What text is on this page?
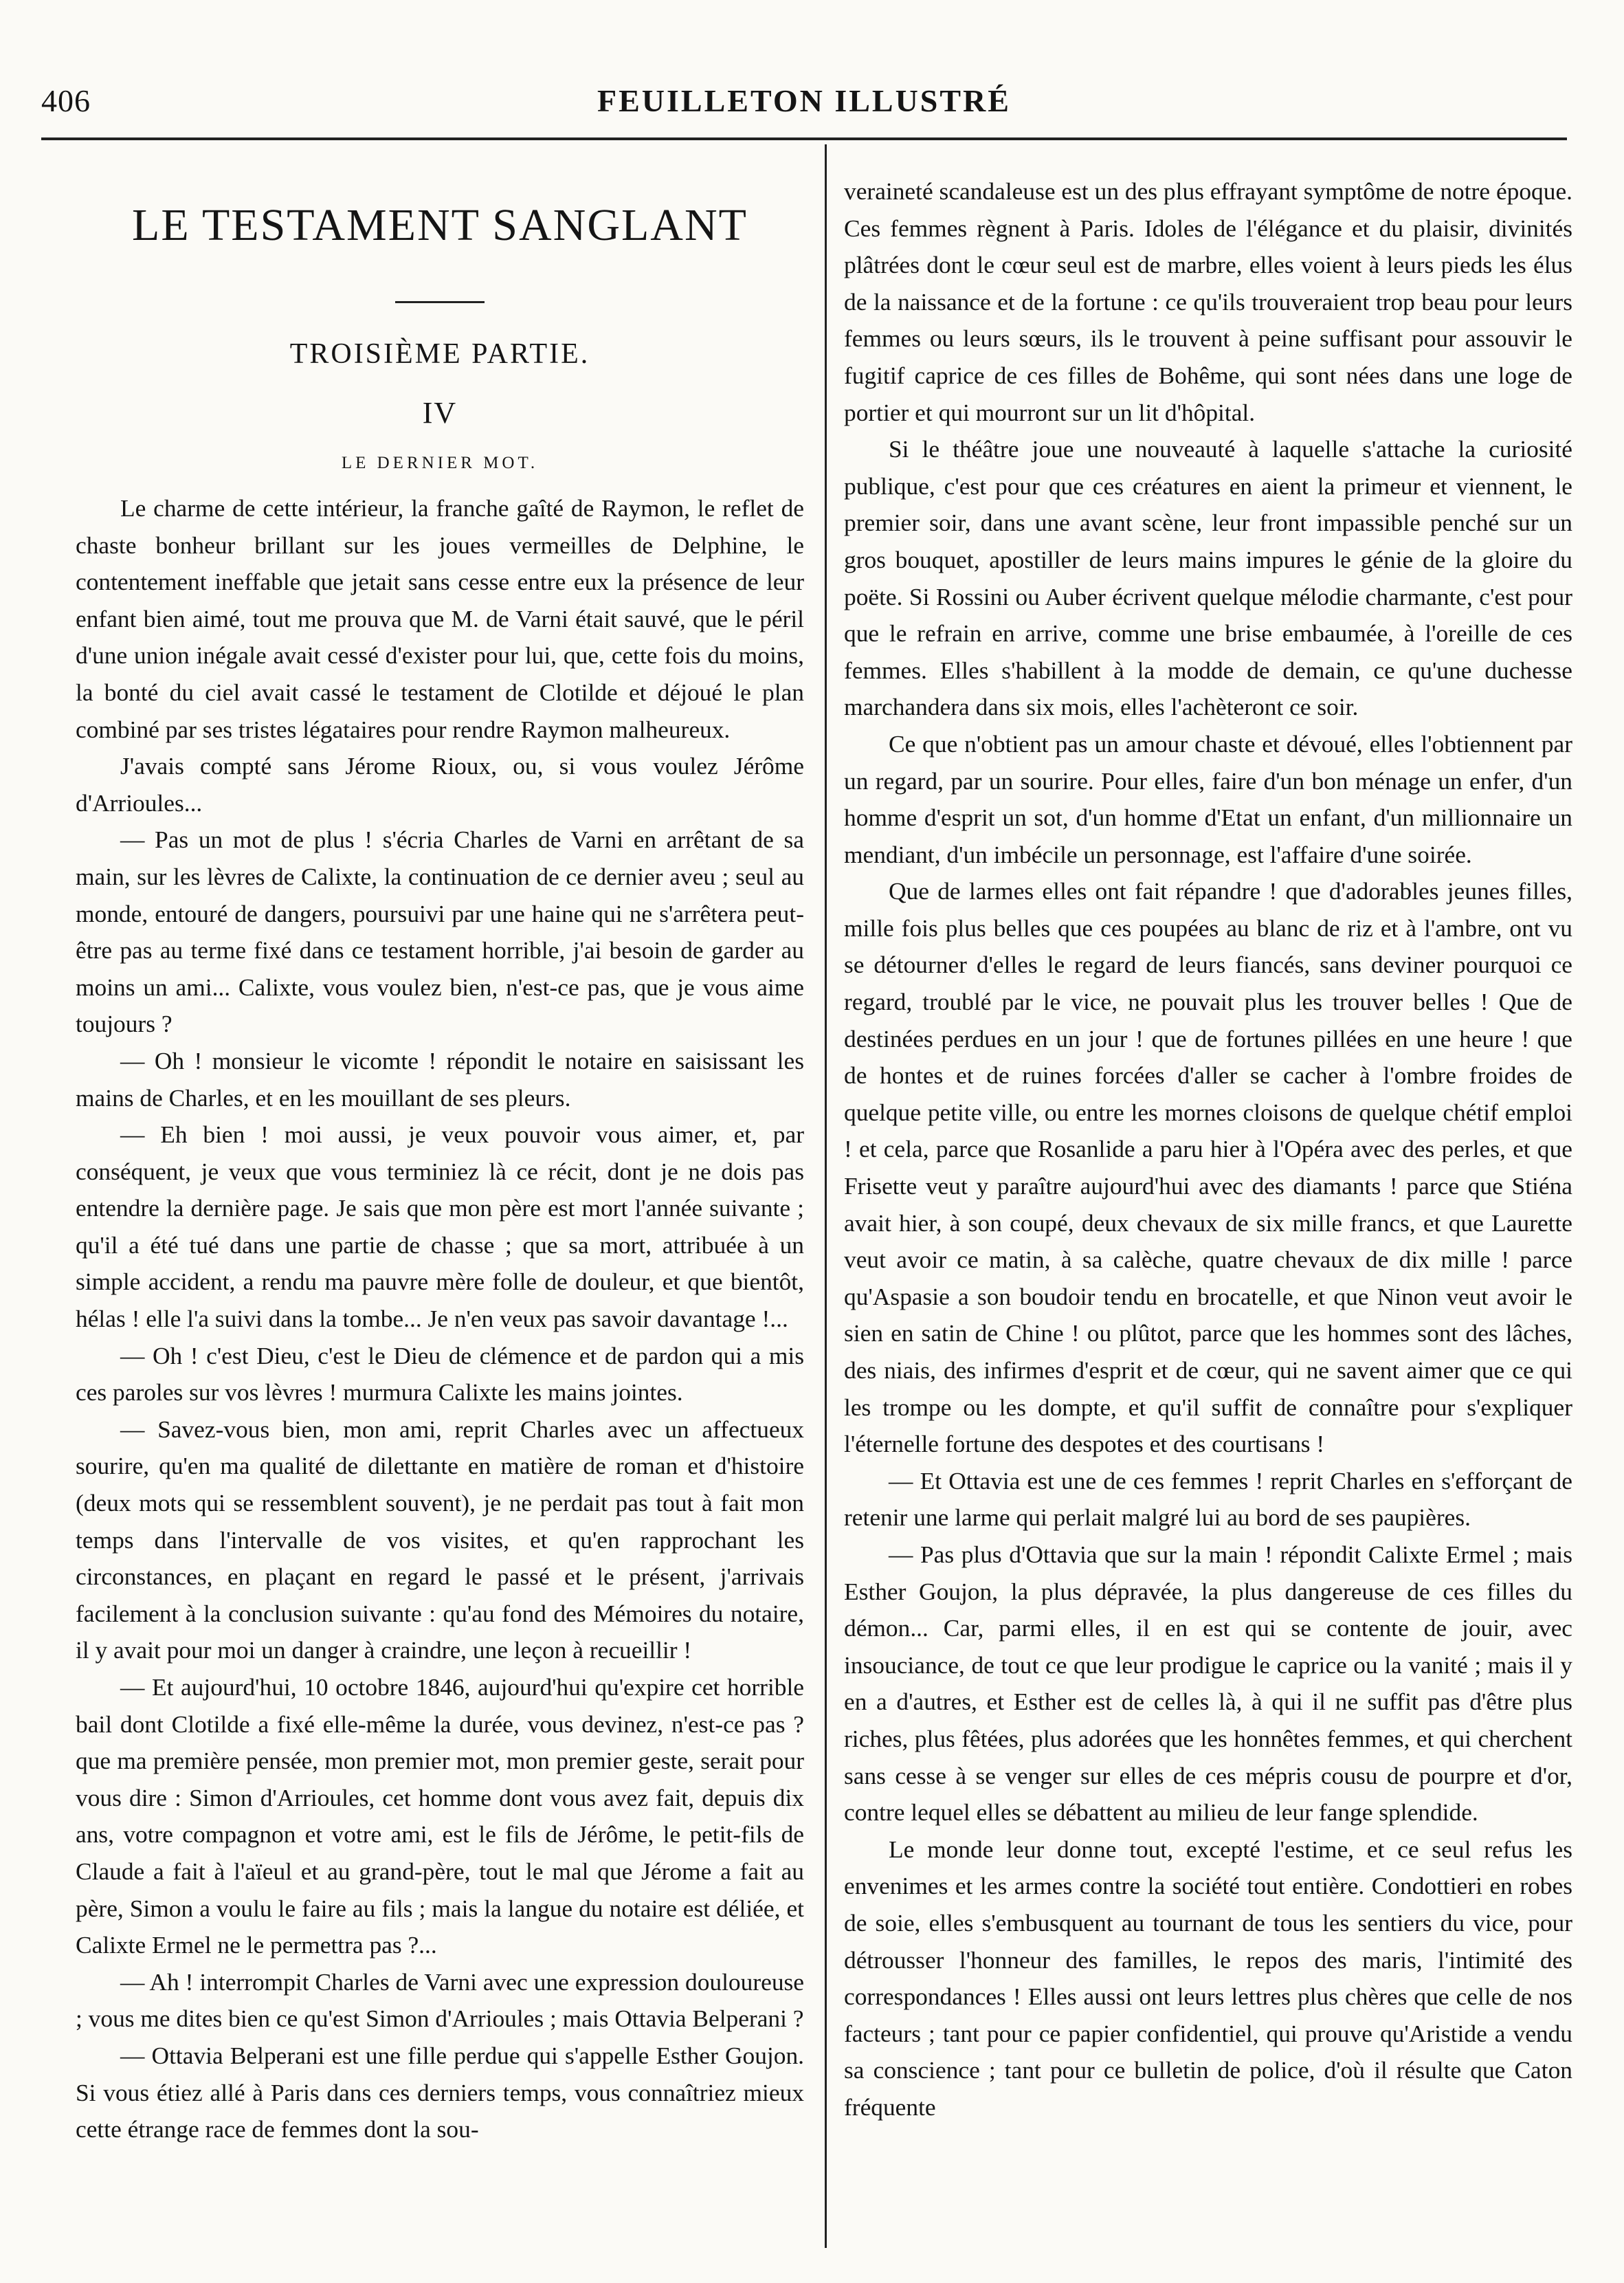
406	FEUILLETON ILLUSTRÉ
LE TESTAMENT SANGLANT
TROISIÈME PARTIE.
IV
LE DERNIER MOT.

Le charme de cette intérieur, la franche gaîté de Raymon, le reflet de chaste bonheur brillant sur les joues vermeilles de Delphine, le contentement ineffable que jetait sans cesse entre eux la présence de leur enfant bien aimé, tout me prouva que M. de Varni était sauvé, que le péril d'une union inégale avait cessé d'exister pour lui, que, cette fois du moins, la bonté du ciel avait cassé le testament de Clotilde et déjoué le plan combiné par ses tristes légataires pour rendre Raymon malheureux.

J'avais compté sans Jérome Rioux, ou, si vous voulez Jérôme d'Arrioules...

— Pas un mot de plus ! s'écria Charles de Varni en arrêtant de sa main, sur les lèvres de Calixte, la continuation de ce dernier aveu ; seul au monde, entouré de dangers, poursuivi par une haine qui ne s'arrêtera peut-être pas au terme fixé dans ce testament horrible, j'ai besoin de garder au moins un ami... Calixte, vous voulez bien, n'est-ce pas, que je vous aime toujours ?

— Oh ! monsieur le vicomte ! répondit le notaire en saisissant les mains de Charles, et en les mouillant de ses pleurs.

— Eh bien ! moi aussi, je veux pouvoir vous aimer, et, par conséquent, je veux que vous terminiez là ce récit, dont je ne dois pas entendre la dernière page. Je sais que mon père est mort l'année suivante ; qu'il a été tué dans une partie de chasse ; que sa mort, attribuée à un simple accident, a rendu ma pauvre mère folle de douleur, et que bientôt, hélas ! elle l'a suivi dans la tombe... Je n'en veux pas savoir davantage !...

— Oh ! c'est Dieu, c'est le Dieu de clémence et de pardon qui a mis ces paroles sur vos lèvres ! murmura Calixte les mains jointes.

— Savez-vous bien, mon ami, reprit Charles avec un affectueux sourire, qu'en ma qualité de dilettante en matière de roman et d'histoire (deux mots qui se ressemblent souvent), je ne perdait pas tout à fait mon temps dans l'intervalle de vos visites, et qu'en rapprochant les circonstances, en plaçant en regard le passé et le présent, j'arrivais facilement à la conclusion suivante : qu'au fond des Mémoires du notaire, il y avait pour moi un danger à craindre, une leçon à recueillir !

— Et aujourd'hui, 10 octobre 1846, aujourd'hui qu'expire cet horrible bail dont Clotilde a fixé elle-même la durée, vous devinez, n'est-ce pas ? que ma première pensée, mon premier mot, mon premier geste, serait pour vous dire : Simon d'Arrioules, cet homme dont vous avez fait, depuis dix ans, votre compagnon et votre ami, est le fils de Jérôme, le petit-fils de Claude a fait à l'aïeul et au grand-père, tout le mal que Jérome a fait au père, Simon a voulu le faire au fils ; mais la langue du notaire est déliée, et Calixte Ermel ne le permettra pas ?...

— Ah ! interrompit Charles de Varni avec une expression douloureuse ; vous me dites bien ce qu'est Simon d'Arrioules ; mais Ottavia Belperani ?

— Ottavia Belperani est une fille perdue qui s'appelle Esther Goujon. Si vous étiez allé à Paris dans ces derniers temps, vous connaîtriez mieux cette étrange race de femmes dont la sou-

veraineté scandaleuse est un des plus effrayant symptôme de notre époque. Ces femmes règnent à Paris. Idoles de l'élégance et du plaisir, divinités plâtrées dont le cœur seul est de marbre, elles voient à leurs pieds les élus de la naissance et de la fortune : ce qu'ils trouveraient trop beau pour leurs femmes ou leurs sœurs, ils le trouvent à peine suffisant pour assouvir le fugitif caprice de ces filles de Bohême, qui sont nées dans une loge de portier et qui mourront sur un lit d'hôpital.

Si le théâtre joue une nouveauté à laquelle s'attache la curiosité publique, c'est pour que ces créatures en aient la primeur et viennent, le premier soir, dans une avant scène, leur front impassible penché sur un gros bouquet, apostiller de leurs mains impures le génie de la gloire du poëte. Si Rossini ou Auber écrivent quelque mélodie charmante, c'est pour que le refrain en arrive, comme une brise embaumée, à l'oreille de ces femmes. Elles s'habillent à la modde de demain, ce qu'une duchesse marchandera dans six mois, elles l'achèteront ce soir.

Ce que n'obtient pas un amour chaste et dévoué, elles l'obtiennent par un regard, par un sourire. Pour elles, faire d'un bon ménage un enfer, d'un homme d'esprit un sot, d'un homme d'Etat un enfant, d'un millionnaire un mendiant, d'un imbécile un personnage, est l'affaire d'une soirée.

Que de larmes elles ont fait répandre ! que d'adorables jeunes filles, mille fois plus belles que ces poupées au blanc de riz et à l'ambre, ont vu se détourner d'elles le regard de leurs fiancés, sans deviner pourquoi ce regard, troublé par le vice, ne pouvait plus les trouver belles ! Que de destinées perdues en un jour ! que de fortunes pillées en une heure ! que de hontes et de ruines forcées d'aller se cacher à l'ombre froides de quelque petite ville, ou entre les mornes cloisons de quelque chétif emploi ! et cela, parce que Rosanlide a paru hier à l'Opéra avec des perles, et que Frisette veut y paraître aujourd'hui avec des diamants ! parce que Stiéna avait hier, à son coupé, deux chevaux de six mille francs, et que Laurette veut avoir ce matin, à sa calèche, quatre chevaux de dix mille ! parce qu'Aspasie a son boudoir tendu en brocatelle, et que Ninon veut avoir le sien en satin de Chine ! ou plûtot, parce que les hommes sont des lâches, des niais, des infirmes d'esprit et de cœur, qui ne savent aimer que ce qui les trompe ou les dompte, et qu'il suffit de connaître pour s'expliquer l'éternelle fortune des despotes et des courtisans !

— Et Ottavia est une de ces femmes ! reprit Charles en s'efforçant de retenir une larme qui perlait malgré lui au bord de ses paupières.

— Pas plus d'Ottavia que sur la main ! répondit Calixte Ermel ; mais Esther Goujon, la plus dépravée, la plus dangereuse de ces filles du démon... Car, parmi elles, il en est qui se contente de jouir, avec insouciance, de tout ce que leur prodigue le caprice ou la vanité ; mais il y en a d'autres, et Esther est de celles là, à qui il ne suffit pas d'être plus riches, plus fêtées, plus adorées que les honnêtes femmes, et qui cherchent sans cesse à se venger sur elles de ces mépris cousu de pourpre et d'or, contre lequel elles se débattent au milieu de leur fange splendide.

Le monde leur donne tout, excepté l'estime, et ce seul refus les envenimes et les armes contre la société tout entière. Condottieri en robes de soie, elles s'embusquent au tournant de tous les sentiers du vice, pour détrousser l'honneur des familles, le repos des maris, l'intimité des correspondances ! Elles aussi ont leurs lettres plus chères que celle de nos facteurs ; tant pour ce papier confidentiel, qui prouve qu'Aristide a vendu sa conscience ; tant pour ce bulletin de police, d'où il résulte que Caton fréquente
